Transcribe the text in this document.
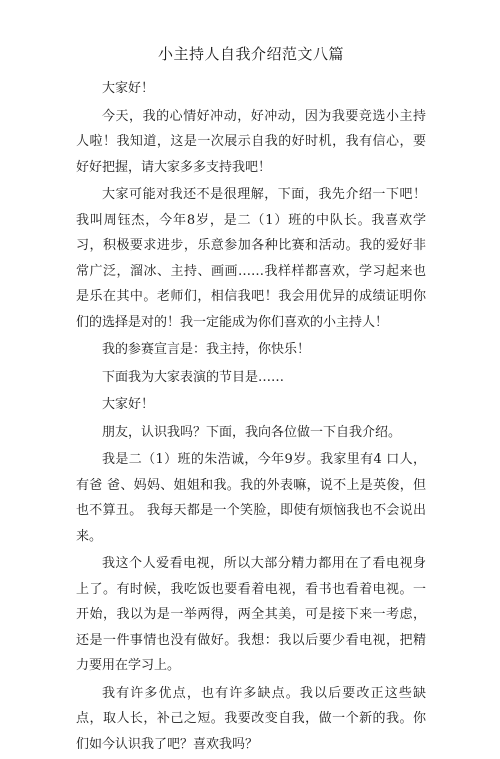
小主持人自我介绍范文八篇

大家好！

今天，我的心情好冲动，好冲动，因为我要竞选小主持人啦！我知道，这是一次展示自我的好时机，我有信心，要好好把握，请大家多多支持我吧！

大家可能对我还不是很理解，下面，我先介绍一下吧！我叫周钰杰，今年8岁，是二（1）班的中队长。我喜欢学习，积极要求进步，乐意参加各种比赛和活动。我的爱好非常广泛，溜冰、主持、画画……我样样都喜欢，学习起来也是乐在其中。老师们，相信我吧！我会用优异的成绩证明你们的选择是对的！我一定能成为你们喜欢的小主持人！

我的参赛宣言是：我主持，你快乐！

下面我为大家表演的节目是……

大家好！

朋友，认识我吗？下面，我向各位做一下自我介绍。

我是二（1）班的朱浩诚，今年9岁。我家里有4 口人，有爸 爸、妈妈、姐姐和我。我的外表嘛，说不上是英俊，但也不算丑。 我每天都是一个笑脸，即使有烦恼我也不会说出来。

我这个人爱看电视，所以大部分精力都用在了看电视身上了。有时候，我吃饭也要看着电视，看书也看着电视。一开始，我以为是一举两得，两全其美，可是接下来一考虑，还是一件事情也没有做好。我想：我以后要少看电视，把精力要用在学习上。

我有许多优点，也有许多缺点。我以后要改正这些缺点，取人长，补己之短。我要改变自我，做一个新的我。你们如今认识我了吧？喜欢我吗？
